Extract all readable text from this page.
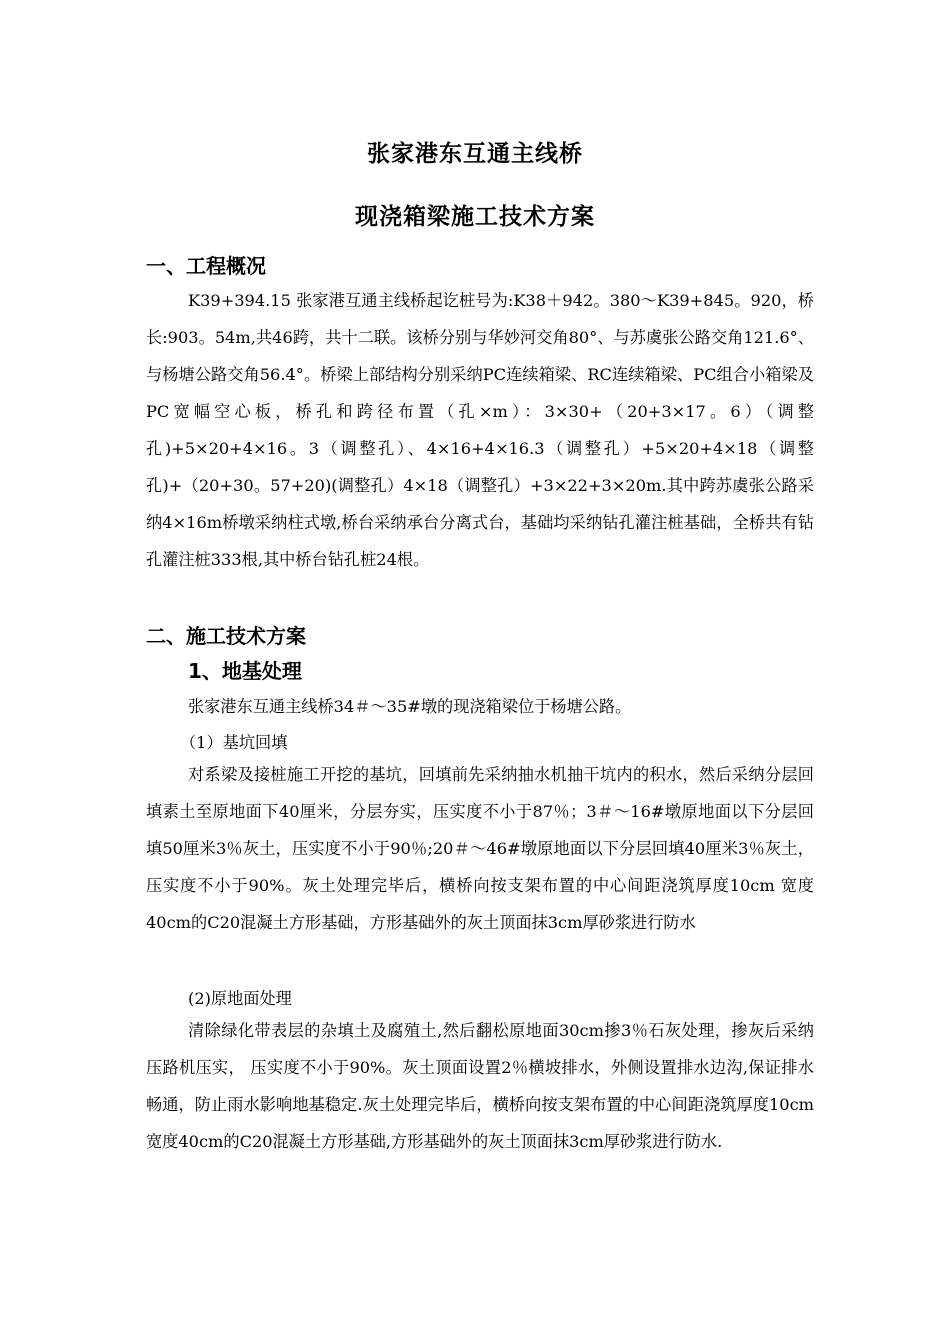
张家港东互通主线桥
现浇箱梁施工技术方案
一、工程概况

K39+394.15 张家港互通主线桥起讫桩号为:K38＋942。380～K39+845。920，桥长:903。54m,共46跨，共十二联。该桥分别与华妙河交角80°、与苏虞张公路交角121.6°、与杨塘公路交角56.4°。桥梁上部结构分别采纳PC连续箱梁、RC连续箱梁、PC组合小箱梁及PC宽幅空心板，桥孔和跨径布置（孔×m）：3×30+（20+3×17。6）（调整孔)+5×20+4×16。3（调整孔）、4×16+4×16.3（调整孔）+5×20+4×18（调整孔)+（20+30。57+20)(调整孔）4×18（调整孔）+3×22+3×20m.其中跨苏虞张公路采纳4×16m桥墩采纳柱式墩,桥台采纳承台分离式台，基础均采纳钻孔灌注桩基础，全桥共有钻孔灌注桩333根,其中桥台钻孔桩24根。

二、施工技术方案
1、地基处理
张家港东互通主线桥34＃～35#墩的现浇箱梁位于杨塘公路。
（1）基坑回填

对系梁及接桩施工开挖的基坑，回填前先采纳抽水机抽干坑内的积水，然后采纳分层回填素土至原地面下40厘米，分层夯实，压实度不小于87％；3＃～16#墩原地面以下分层回填50厘米3％灰土，压实度不小于90％;20＃～46#墩原地面以下分层回填40厘米3％灰土，压实度不小于90%。灰土处理完毕后，横桥向按支架布置的中心间距浇筑厚度10cm 宽度40cm的C20混凝土方形基础，方形基础外的灰土顶面抹3cm厚砂浆进行防水

(2)原地面处理

清除绿化带表层的杂填土及腐殖土,然后翻松原地面30cm掺3％石灰处理，掺灰后采纳压路机压实， 压实度不小于90%。灰土顶面设置2％横坡排水，外侧设置排水边沟,保证排水畅通，防止雨水影响地基稳定.灰土处理完毕后，横桥向按支架布置的中心间距浇筑厚度10cm宽度40cm的C20混凝土方形基础,方形基础外的灰土顶面抹3cm厚砂浆进行防水.
